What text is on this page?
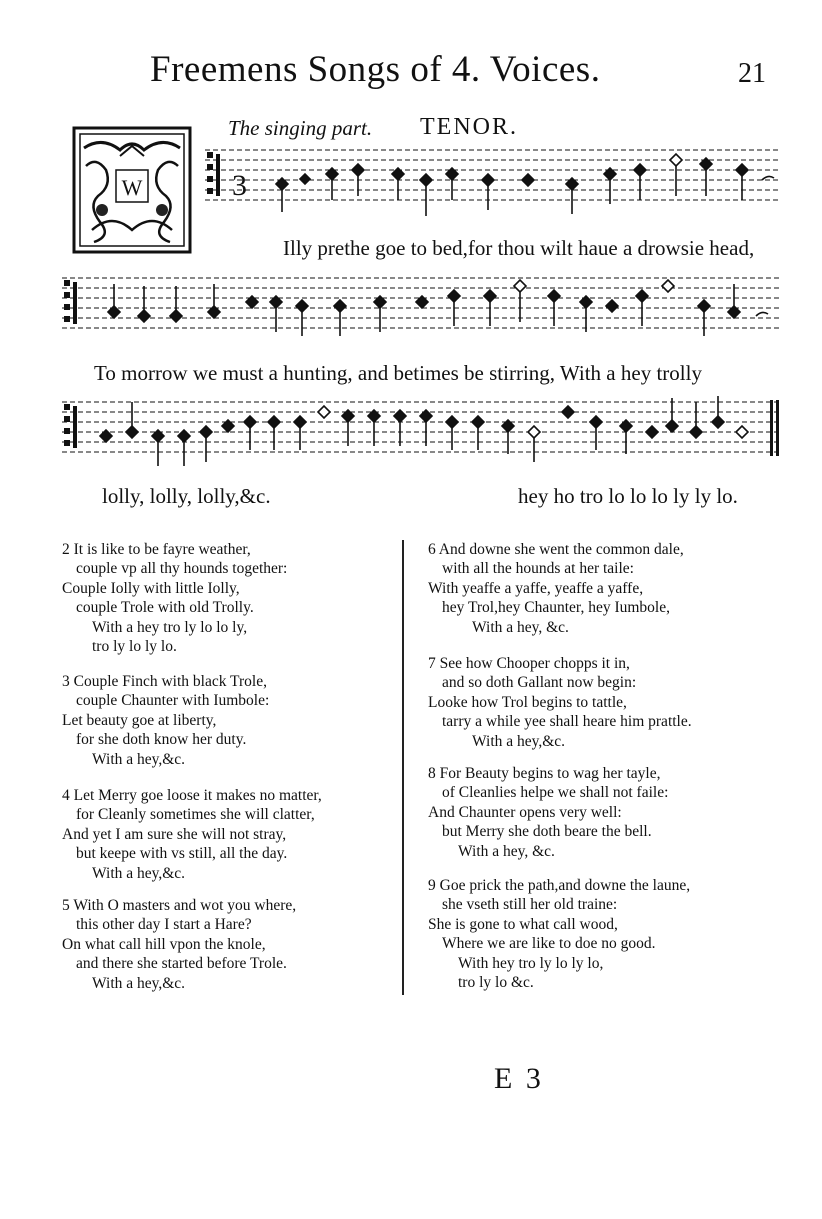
Freemens Songs of 4. Voices.	21
The singing part. TENOR.
W	3
Illy prethe goe to bed,for thou wilt haue a drowsie head,
To morrow we must a hunting, and betimes be stirring, With a hey trolly
lolly, lolly, lolly,&c.	hey ho tro lo lo lo ly ly lo.
2 It is like to be fayre weather,
couple vp all thy hounds together:
Couple Iolly with little Iolly,
couple Trole with old Trolly.
With a hey tro ly lo lo ly,
tro ly lo ly lo.
3 Couple Finch with black Trole,
couple Chaunter with Iumbole:
Let beauty goe at liberty,
for she doth know her duty.
With a hey,&c.
4 Let Merry goe loose it makes no matter,
for Cleanly sometimes she will clatter,
And yet I am sure she will not stray,
but keepe with vs still, all the day.
With a hey,&c.
5 With O masters and wot you where,
this other day I start a Hare?
On what call hill vpon the knole,
and there she started before Trole.
With a hey,&c.
6 And downe she went the common dale,
with all the hounds at her taile:
With yeaffe a yaffe, yeaffe a yaffe,
hey Trol,hey Chaunter, hey Iumbole,
With a hey, &c.
7 See how Chooper chopps it in,
and so doth Gallant now begin:
Looke how Trol begins to tattle,
tarry a while yee shall heare him prattle.
With a hey,&c.
8 For Beauty begins to wag her tayle,
of Cleanlies helpe we shall not faile:
And Chaunter opens very well:
but Merry she doth beare the bell.
With a hey, &c.
9 Goe prick the path,and downe the laune,
she vseth still her old traine:
She is gone to what call wood,
Where we are like to doe no good.
With hey tro ly lo ly lo,
tro ly lo &c.
E 3
